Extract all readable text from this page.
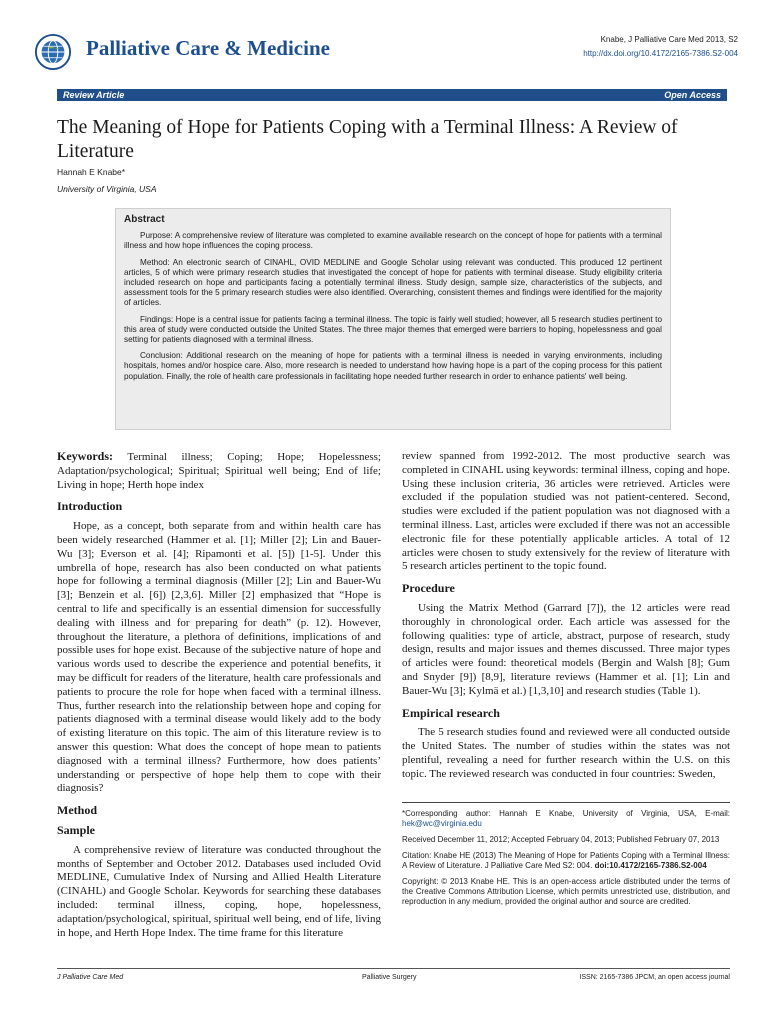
Palliative Care & Medicine	Knabe, J Palliative Care Med 2013, S2
http://dx.doi.org/10.4172/2165-7386.S2-004
Review Article	Open Access
The Meaning of Hope for Patients Coping with a Terminal Illness: A Review of Literature
Hannah E Knabe*
University of Virginia, USA
Abstract

Purpose: A comprehensive review of literature was completed to examine available research on the concept of hope for patients with a terminal illness and how hope influences the coping process.

Method: An electronic search of CINAHL, OVID MEDLINE and Google Scholar using relevant was conducted. This produced 12 pertinent articles, 5 of which were primary research studies that investigated the concept of hope for patients with terminal disease. Study eligibility criteria included research on hope and participants facing a potentially terminal illness. Study design, sample size, characteristics of the subjects, and assessment tools for the 5 primary research studies were also identified. Overarching, consistent themes and findings were identified for the majority of articles.

Findings: Hope is a central issue for patients facing a terminal illness. The topic is fairly well studied; however, all 5 research studies pertinent to this area of study were conducted outside the United States. The three major themes that emerged were barriers to hoping, hopelessness and goal setting for patients diagnosed with a terminal illness.

Conclusion: Additional research on the meaning of hope for patients with a terminal illness is needed in varying environments, including hospitals, homes and/or hospice care. Also, more research is needed to understand how having hope is a part of the coping process for this patient population. Finally, the role of health care professionals in facilitating hope needed further research in order to enhance patients' well being.

Keywords: Terminal illness; Coping; Hope; Hopelessness; Adaptation/psychological; Spiritual; Spiritual well being; End of life; Living in hope; Herth hope index

Introduction

Hope, as a concept, both separate from and within health care has been widely researched (Hammer et al. [1]; Miller [2]; Lin and Bauer-Wu [3]; Everson et al. [4]; Ripamonti et al. [5]) [1-5]. Under this umbrella of hope, research has also been conducted on what patients hope for following a terminal diagnosis (Miller [2]; Lin and Bauer-Wu [3]; Benzein et al. [6]) [2,3,6]. Miller [2] emphasized that “Hope is central to life and specifically is an essential dimension for successfully dealing with illness and for preparing for death” (p. 12). However, throughout the literature, a plethora of definitions, implications of and possible uses for hope exist. Because of the subjective nature of hope and various words used to describe the experience and potential benefits, it may be difficult for readers of the literature, health care professionals and patients to procure the role for hope when faced with a terminal illness. Thus, further research into the relationship between hope and coping for patients diagnosed with a terminal disease would likely add to the body of existing literature on this topic. The aim of this literature review is to answer this question: What does the concept of hope mean to patients diagnosed with a terminal illness? Furthermore, how does patients’ understanding or perspective of hope help them to cope with their diagnosis?

Method
Sample

A comprehensive review of literature was conducted throughout the months of September and October 2012. Databases used included Ovid MEDLINE, Cumulative Index of Nursing and Allied Health Literature (CINAHL) and Google Scholar. Keywords for searching these databases included: terminal illness, coping, hope, hopelessness, adaptation/psychological, spiritual, spiritual well being, end of life, living in hope, and Herth Hope Index. The time frame for this literature

review spanned from 1992-2012. The most productive search was completed in CINAHL using keywords: terminal illness, coping and hope. Using these inclusion criteria, 36 articles were retrieved. Articles were excluded if the population studied was not patient-centered. Second, studies were excluded if the patient population was not diagnosed with a terminal illness. Last, articles were excluded if there was not an accessible electronic file for these potentially applicable articles. A total of 12 articles were chosen to study extensively for the review of literature with 5 research articles pertinent to the topic found.

Procedure

Using the Matrix Method (Garrard [7]), the 12 articles were read thoroughly in chronological order. Each article was assessed for the following qualities: type of article, abstract, purpose of research, study design, results and major issues and themes discussed. Three major types of articles were found: theoretical models (Bergin and Walsh [8]; Gum and Snyder [9]) [8,9], literature reviews (Hammer et al. [1]; Lin and Bauer-Wu [3]; Kylmä et al.) [1,3,10] and research studies (Table 1).

Empirical research

The 5 research studies found and reviewed were all conducted outside the United States. The number of studies within the states was not plentiful, revealing a need for further research within the U.S. on this topic. The reviewed research was conducted in four countries: Sweden,

*Corresponding author: Hannah E Knabe, University of Virginia, USA, E-mail: hek@wc@virginia.edu

Received December 11, 2012; Accepted February 04, 2013; Published February 07, 2013

Citation: Knabe HE (2013) The Meaning of Hope for Patients Coping with a Terminal Illness: A Review of Literature. J Palliative Care Med S2: 004. doi:10.4172/2165-7386.S2-004

Copyright: © 2013 Knabe HE. This is an open-access article distributed under the terms of the Creative Commons Attribution License, which permits unrestricted use, distribution, and reproduction in any medium, provided the original author and source are credited.

J Palliative Care Med	Palliative Surgery	ISSN: 2165-7386 JPCM, an open access journal
